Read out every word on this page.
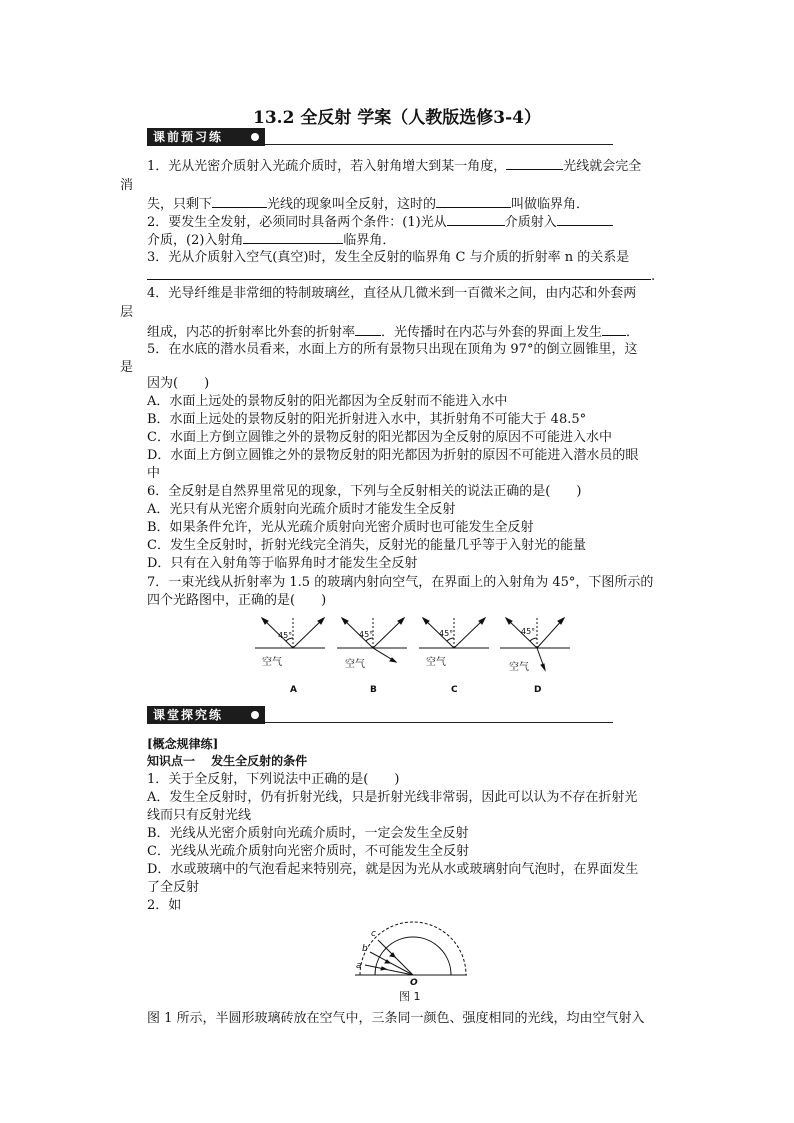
13.2 全反射 学案（人教版选修3-4）
课前预习练
1．光从光密介质射入光疏介质时，若入射角增大到某一角度，	光线就会完全
消
失，只剩下	光线的现象叫全反射，这时的	叫做临界角．
2．要发生全发射，必须同时具备两个条件：(1)光从	介质射入
介质，(2)入射角	临界角．
3．光从介质射入空气(真空)时，发生全反射的临界角 C 与介质的折射率 n 的关系是
.
4．光导纤维是非常细的特制玻璃丝，直径从几微米到一百微米之间，由内芯和外套两
层
组成，内芯的折射率比外套的折射率 ．光传播时在内芯与外套的界面上发生 ．
5．在水底的潜水员看来，水面上方的所有景物只出现在顶角为 97°的倒立圆锥里，这
是
因为(　　)
A．水面上远处的景物反射的阳光都因为全反射而不能进入水中
B．水面上远处的景物反射的阳光折射进入水中，其折射角不可能大于 48.5°
C．水面上方倒立圆锥之外的景物反射的阳光都因为全反射的原因不可能进入水中
D．水面上方倒立圆锥之外的景物反射的阳光都因为折射的原因不可能进入潜水员的眼
中
6．全反射是自然界里常见的现象，下列与全反射相关的说法正确的是(　　)
A．光只有从光密介质射向光疏介质时才能发生全反射
B．如果条件允许，光从光疏介质射向光密介质时也可能发生全反射
C．发生全反射时，折射光线完全消失，反射光的能量几乎等于入射光的能量
D．只有在入射角等于临界角时才能发生全反射
7．一束光线从折射率为 1.5 的玻璃内射向空气，在界面上的入射角为 45°，下图所示的
四个光路图中，正确的是(　　)
45°	45°	45°	45°
空气	空气	空气	空气
A	B	C	D
课堂探究练
[概念规律练]
知识点一　 发生全反射的条件
1．关于全反射，下列说法中正确的是(　　)
A．发生全反射时，仍有折射光线，只是折射光线非常弱，因此可以认为不存在折射光
线而只有反射光线
B．光线从光密介质射向光疏介质时，一定会发生全反射
C．光线从光疏介质射向光密介质时，不可能发生全反射
D．水或玻璃中的气泡看起来特别亮，就是因为光从水或玻璃射向气泡时，在界面发生
了全反射
2．如
a
b
c
O
图 1
图 1 所示，半圆形玻璃砖放在空气中，三条同一颜色、强度相同的光线，均由空气射入
